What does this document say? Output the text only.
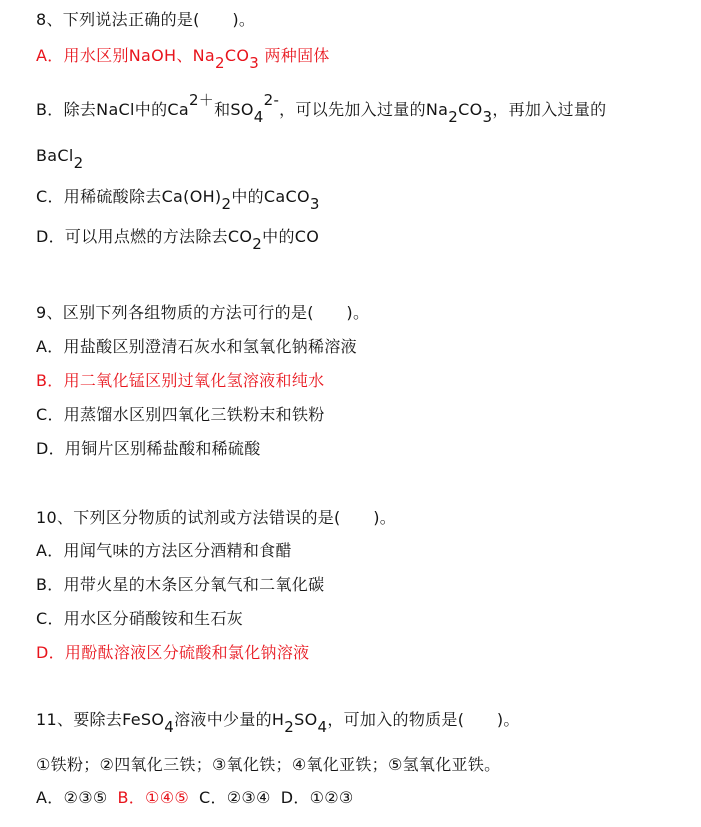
8、下列说法正确的是(　　)。
A．用水区别NaOH、Na2CO3 两种固体
B．除去NaCl中的Ca2＋和SO42-，可以先加入过量的Na2CO3，再加入过量的
BaCl2
C．用稀硫酸除去Ca(OH)2中的CaCO3
D．可以用点燃的方法除去CO2中的CO
9、区别下列各组物质的方法可行的是(　　)。
A．用盐酸区别澄清石灰水和氢氧化钠稀溶液
B．用二氧化锰区别过氧化氢溶液和纯水
C．用蒸馏水区别四氧化三铁粉末和铁粉
D．用铜片区别稀盐酸和稀硫酸
10、下列区分物质的试剂或方法错误的是(　　)。
A．用闻气味的方法区分酒精和食醋
B．用带火星的木条区分氧气和二氧化碳
C．用水区分硝酸铵和生石灰
D．用酚酞溶液区分硫酸和氯化钠溶液
11、要除去FeSO4溶液中少量的H2SO4，可加入的物质是(　　)。
①铁粉；②四氧化三铁；③氧化铁；④氧化亚铁；⑤氢氧化亚铁。
A．②③⑤ B．①④⑤ C．②③④ D．①②③
